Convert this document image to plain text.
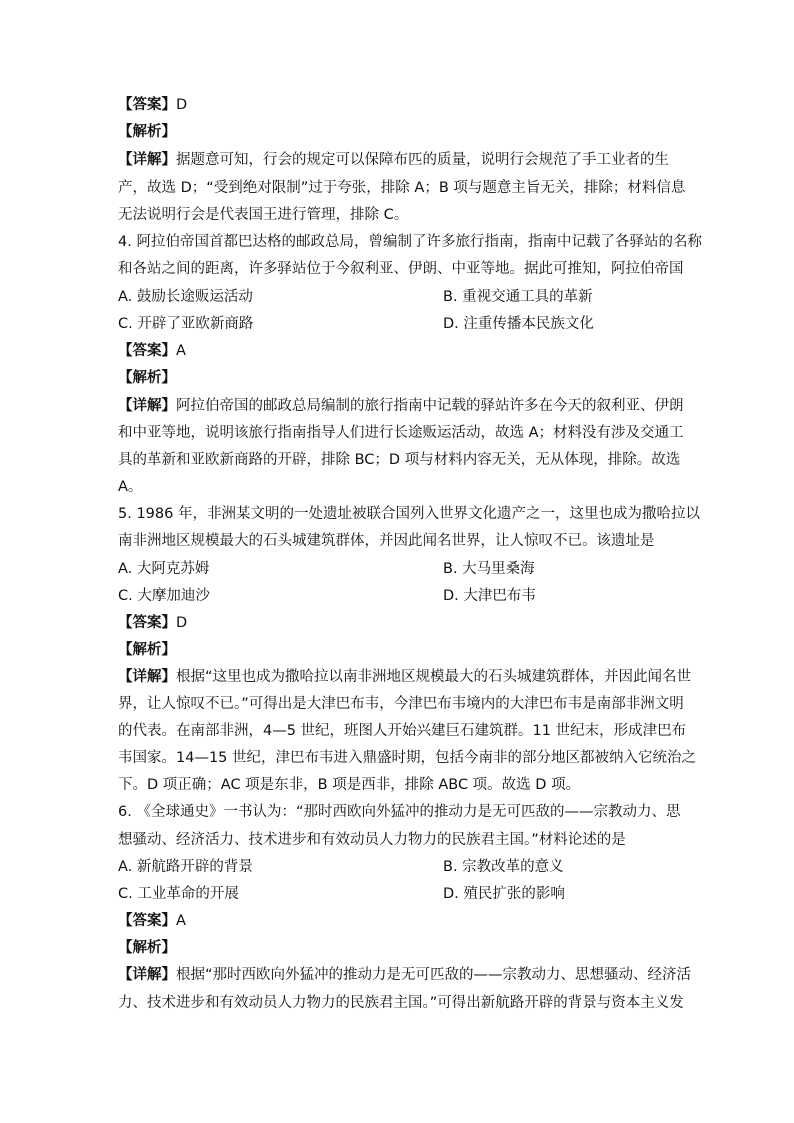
【答案】D
【解析】
【详解】据题意可知，行会的规定可以保障布匹的质量，说明行会规范了手工业者的生
产，故选 D；“受到绝对限制”过于夸张，排除 A；B 项与题意主旨无关，排除；材料信息
无法说明行会是代表国王进行管理，排除 C。
4. 阿拉伯帝国首都巴达格的邮政总局，曾编制了许多旅行指南，指南中记载了各驿站的名称
和各站之间的距离，许多驿站位于今叙利亚、伊朗、中亚等地。据此可推知，阿拉伯帝国
A. 鼓励长途贩运活动	B. 重视交通工具的革新
C. 开辟了亚欧新商路	D. 注重传播本民族文化
【答案】A
【解析】
【详解】阿拉伯帝国的邮政总局编制的旅行指南中记载的驿站许多在今天的叙利亚、伊朗
和中亚等地，说明该旅行指南指导人们进行长途贩运活动，故选 A；材料没有涉及交通工
具的革新和亚欧新商路的开辟，排除 BC；D 项与材料内容无关，无从体现，排除。故选
A。
5. 1986 年，非洲某文明的一处遗址被联合国列入世界文化遗产之一，这里也成为撒哈拉以
南非洲地区规模最大的石头城建筑群体，并因此闻名世界，让人惊叹不已。该遗址是
A. 大阿克苏姆	B. 大马里桑海
C. 大摩加迪沙	D. 大津巴布韦
【答案】D
【解析】
【详解】根据“这里也成为撒哈拉以南非洲地区规模最大的石头城建筑群体，并因此闻名世
界，让人惊叹不已。”可得出是大津巴布韦，今津巴布韦境内的大津巴布韦是南部非洲文明
的代表。在南部非洲，4—5 世纪，班图人开始兴建巨石建筑群。11 世纪末，形成津巴布
韦国家。14—15 世纪，津巴布韦进入鼎盛时期，包括今南非的部分地区都被纳入它统治之
下。D 项正确；AC 项是东非，B 项是西非，排除 ABC 项。故选 D 项。
6. 《全球通史》一书认为：“那时西欧向外猛冲的推动力是无可匹敌的——宗教动力、思
想骚动、经济活力、技术进步和有效动员人力物力的民族君主国。”材料论述的是
A. 新航路开辟的背景	B. 宗教改革的意义
C. 工业革命的开展	D. 殖民扩张的影响
【答案】A
【解析】
【详解】根据“那时西欧向外猛冲的推动力是无可匹敌的——宗教动力、思想骚动、经济活
力、技术进步和有效动员人力物力的民族君主国。”可得出新航路开辟的背景与资本主义发
